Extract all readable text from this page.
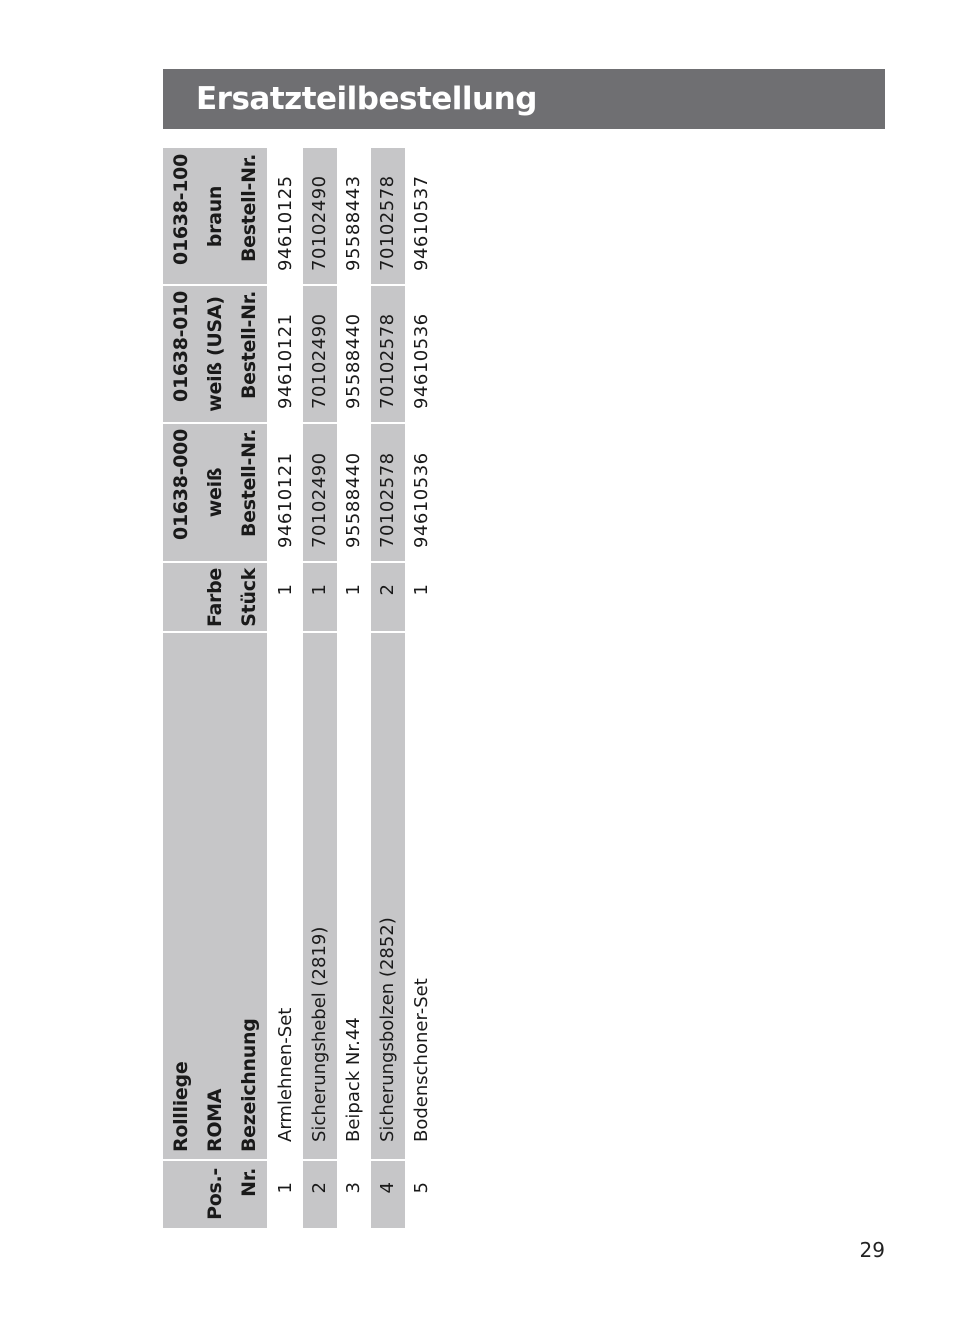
Ersatzteilbestellung
Pos.- Nr.
Rollliege ROMA Bezeichnung
Farbe Stück
01638-000 weiß Bestell-Nr.
01638-010 weiß (USA) Bestell-Nr.
01638-100 braun Bestell-Nr.
1
Armlehnen-Set
1
94610121
94610121
94610125
2
Sicherungshebel (2819)
1
70102490
70102490
70102490
3
Beipack Nr.44
1
95588440
95588440
95588443
4
Sicherungsbolzen (2852)
2
70102578
70102578
70102578
5
Bodenschoner-Set
1
94610536
94610536
94610537
29
